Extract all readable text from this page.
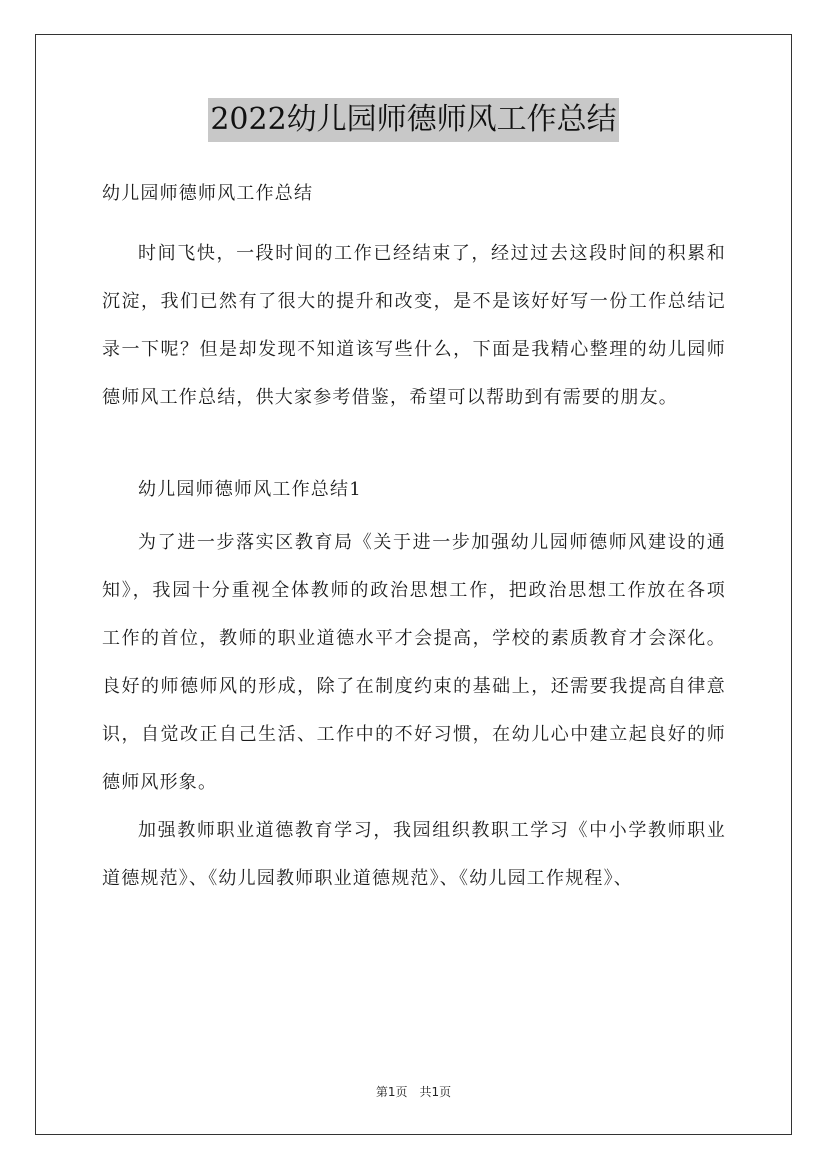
2022幼儿园师德师风工作总结

幼儿园师德师风工作总结

时间飞快，一段时间的工作已经结束了，经过过去这段时间的积累和沉淀，我们已然有了很大的提升和改变，是不是该好好写一份工作总结记录一下呢？但是却发现不知道该写些什么，下面是我精心整理的幼儿园师德师风工作总结，供大家参考借鉴，希望可以帮助到有需要的朋友。

幼儿园师德师风工作总结1

为了进一步落实区教育局《关于进一步加强幼儿园师德师风建设的通知》，我园十分重视全体教师的政治思想工作，把政治思想工作放在各项工作的首位，教师的职业道德水平才会提高，学校的素质教育才会深化。良好的师德师风的形成，除了在制度约束的基础上，还需要我提高自律意识，自觉改正自己生活、工作中的不好习惯，在幼儿心中建立起良好的师德师风形象。

加强教师职业道德教育学习，我园组织教职工学习《中小学教师职业道德规范》、《幼儿园教师职业道德规范》、《幼儿园工作规程》、

第1页　共1页
